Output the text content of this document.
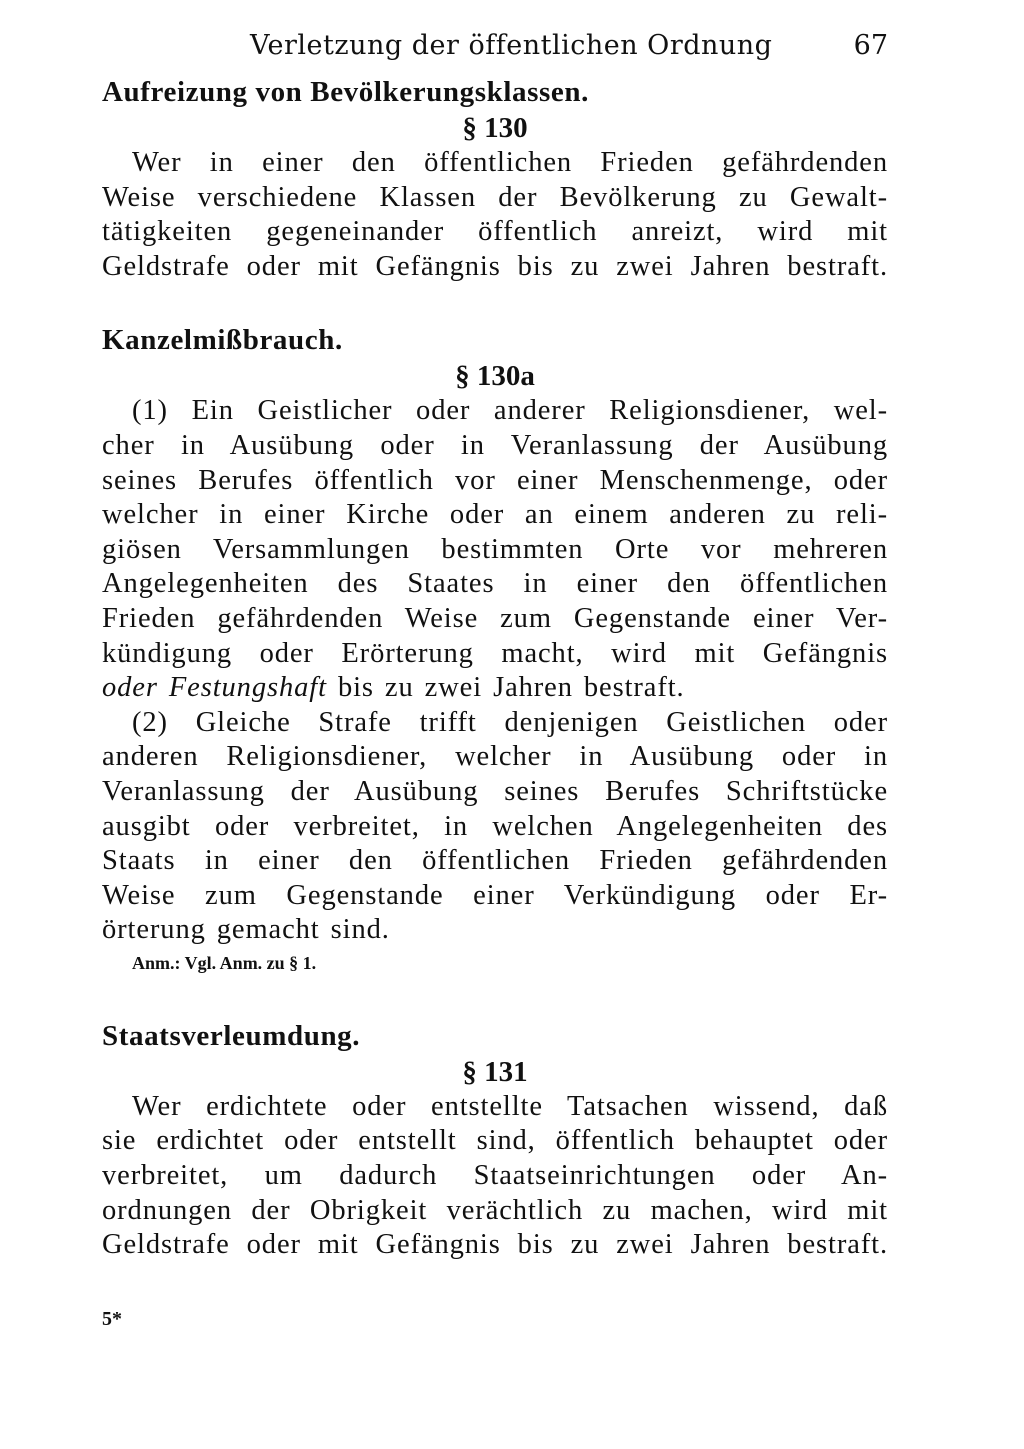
Verletzung der öffentlichen Ordnung	67
Aufreizung von Bevölkerungsklassen.

§ 130

Wer in einer den öffentlichen Frieden gefährdenden
Weise verschiedene Klassen der Bevölkerung zu Gewalt-
tätigkeiten gegeneinander öffentlich anreizt, wird mit
Geldstrafe oder mit Gefängnis bis zu zwei Jahren bestraft.
Kanzelmißbrauch.

§ 130a

(1) Ein Geistlicher oder anderer Religionsdiener, wel-
cher in Ausübung oder in Veranlassung der Ausübung
seines Berufes öffentlich vor einer Menschenmenge, oder
welcher in einer Kirche oder an einem anderen zu reli-
giösen Versammlungen bestimmten Orte vor mehreren
Angelegenheiten des Staates in einer den öffentlichen
Frieden gefährdenden Weise zum Gegenstande einer Ver-
kündigung oder Erörterung macht, wird mit Gefängnis
oder Festungshaft bis zu zwei Jahren bestraft.
(2) Gleiche Strafe trifft denjenigen Geistlichen oder
anderen Religionsdiener, welcher in Ausübung oder in
Veranlassung der Ausübung seines Berufes Schriftstücke
ausgibt oder verbreitet, in welchen Angelegenheiten des
Staats in einer den öffentlichen Frieden gefährdenden
Weise zum Gegenstande einer Verkündigung oder Er-
örterung gemacht sind.

Anm.: Vgl. Anm. zu § 1.

Staatsverleumdung.

§ 131

Wer erdichtete oder entstellte Tatsachen wissend, daß
sie erdichtet oder entstellt sind, öffentlich behauptet oder
verbreitet, um dadurch Staatseinrichtungen oder An-
ordnungen der Obrigkeit verächtlich zu machen, wird mit
Geldstrafe oder mit Gefängnis bis zu zwei Jahren bestraft.
5*
